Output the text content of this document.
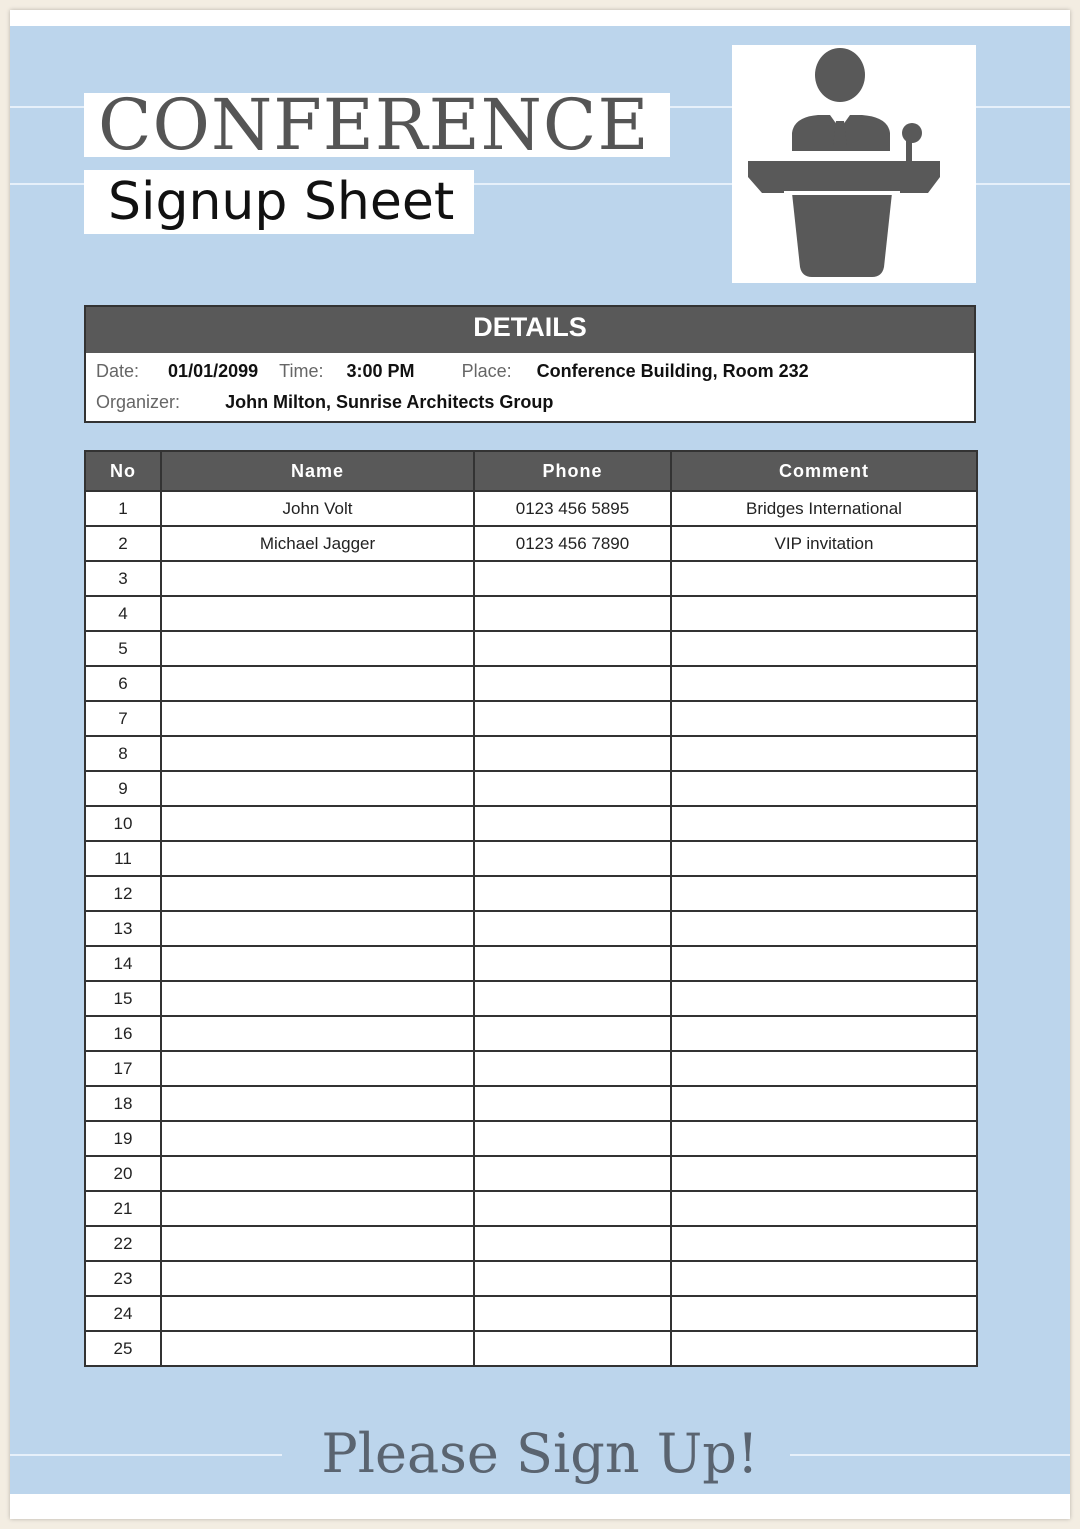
CONFERENCE
Signup Sheet
DETAILS
Date: 01/01/2099 Time: 3:00 PM	Place: Conference Building, Room 232
Organizer:	John Milton, Sunrise Architects Group
No	Name	Phone	Comment
1	John Volt	0123 456 5895	Bridges International
2	Michael Jagger	0123 456 7890	VIP invitation
3			
4			
5			
6			
7			
8			
9			
10			
11			
12			
13			
14			
15			
16			
17			
18			
19			
20			
21			
22			
23			
24			
25			
Please Sign Up!
